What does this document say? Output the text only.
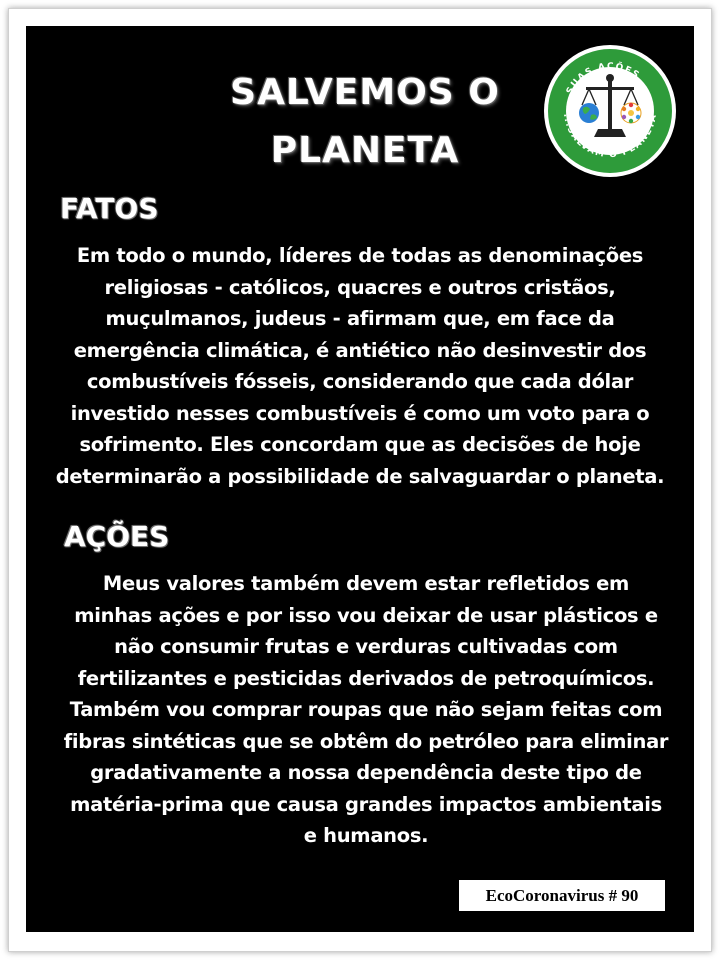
SALVEMOS O
PLANETA
SUAS AÇÕES ...
...SALVAM O PLANETA
FATOS
Em todo o mundo, líderes de todas as denominações
religiosas - católicos, quacres e outros cristãos,
muçulmanos, judeus - afirmam que, em face da
emergência climática, é antiético não desinvestir dos
combustíveis fósseis, considerando que cada dólar
investido nesses combustíveis é como um voto para o
sofrimento. Eles concordam que as decisões de hoje
determinarão a possibilidade de salvaguardar o planeta.
AÇÕES
Meus valores também devem estar refletidos em
minhas ações e por isso vou deixar de usar plásticos e
não consumir frutas e verduras cultivadas com
fertilizantes e pesticidas derivados de petroquímicos.
Também vou comprar roupas que não sejam feitas com
fibras sintéticas que se obtêm do petróleo para eliminar
gradativamente a nossa dependência deste tipo de
matéria-prima que causa grandes impactos ambientais
e humanos.
EcoCoronavirus # 90
